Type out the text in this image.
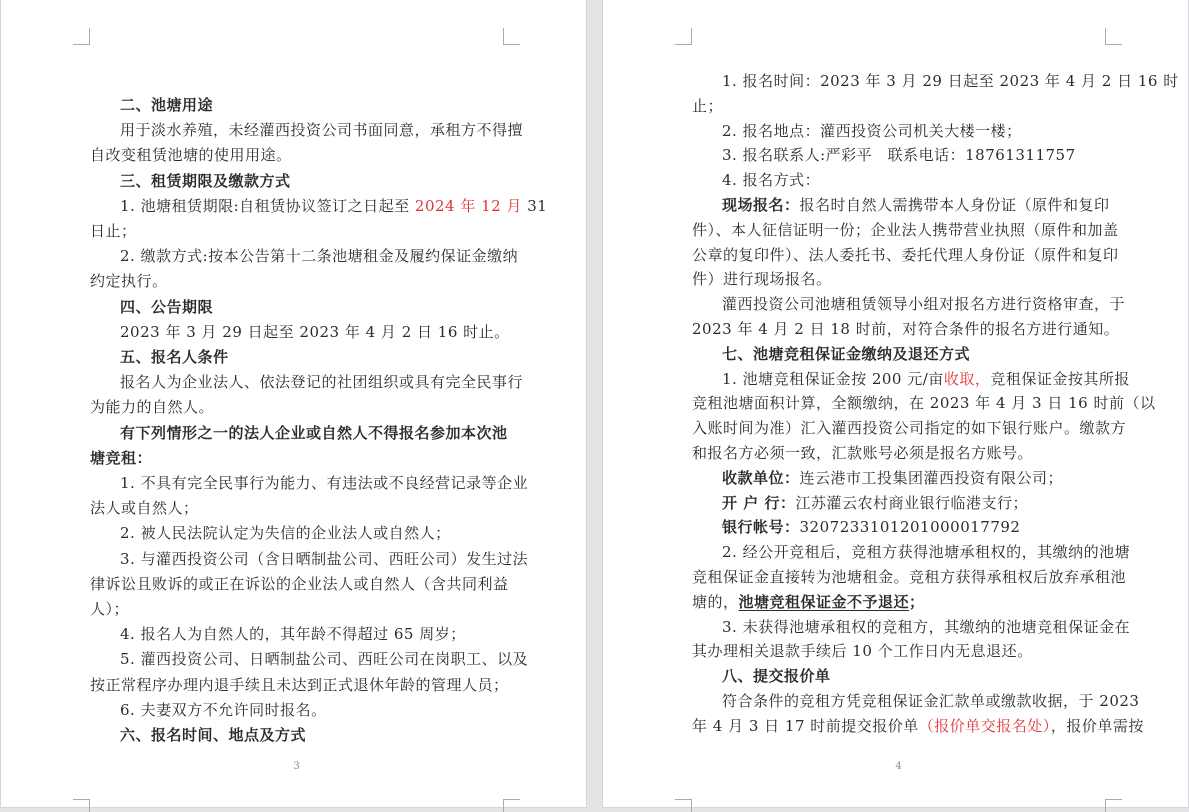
二、池塘用途
用于淡水养殖，未经灌西投资公司书面同意，承租方不得擅
自改变租赁池塘的使用用途。
三、租赁期限及缴款方式
1. 池塘租赁期限:自租赁协议签订之日起至 2024 年 12 月 31
日止；
2. 缴款方式:按本公告第十二条池塘租金及履约保证金缴纳
约定执行。
四、公告期限
2023 年 3 月 29 日起至 2023 年 4 月 2 日 16 时止。
五、报名人条件
报名人为企业法人、依法登记的社团组织或具有完全民事行
为能力的自然人。
有下列情形之一的法人企业或自然人不得报名参加本次池
塘竞租：
1. 不具有完全民事行为能力、有违法或不良经营记录等企业
法人或自然人；
2. 被人民法院认定为失信的企业法人或自然人；
3. 与灌西投资公司（含日晒制盐公司、西旺公司）发生过法
律诉讼且败诉的或正在诉讼的企业法人或自然人（含共同利益
人）；
4. 报名人为自然人的，其年龄不得超过 65 周岁；
5. 灌西投资公司、日晒制盐公司、西旺公司在岗职工、以及
按正常程序办理内退手续且未达到正式退休年龄的管理人员；
6. 夫妻双方不允许同时报名。
六、报名时间、地点及方式
3
1. 报名时间：2023 年 3 月 29 日起至 2023 年 4 月 2 日 16 时
止；
2. 报名地点：灌西投资公司机关大楼一楼；
3. 报名联系人:严彩平　联系电话：18761311757
4. 报名方式：
现场报名：报名时自然人需携带本人身份证（原件和复印
件）、本人征信证明一份；企业法人携带营业执照（原件和加盖
公章的复印件）、法人委托书、委托代理人身份证（原件和复印
件）进行现场报名。
灌西投资公司池塘租赁领导小组对报名方进行资格审查，于
2023 年 4 月 2 日 18 时前，对符合条件的报名方进行通知。
七、池塘竞租保证金缴纳及退还方式
1. 池塘竞租保证金按 200 元/亩收取，竞租保证金按其所报
竞租池塘面积计算，全额缴纳，在 2023 年 4 月 3 日 16 时前（以
入账时间为准）汇入灌西投资公司指定的如下银行账户。缴款方
和报名方必须一致，汇款账号必须是报名方账号。
收款单位：连云港市工投集团灌西投资有限公司；
开 户 行：江苏灌云农村商业银行临港支行；
银行帐号：3207233101201000017792
2. 经公开竞租后，竞租方获得池塘承租权的，其缴纳的池塘
竞租保证金直接转为池塘租金。竞租方获得承租权后放弃承租池
塘的，池塘竞租保证金不予退还；
3. 未获得池塘承租权的竞租方，其缴纳的池塘竞租保证金在
其办理相关退款手续后 10 个工作日内无息退还。
八、提交报价单
符合条件的竞租方凭竞租保证金汇款单或缴款收据，于 2023
年 4 月 3 日 17 时前提交报价单（报价单交报名处），报价单需按
4
